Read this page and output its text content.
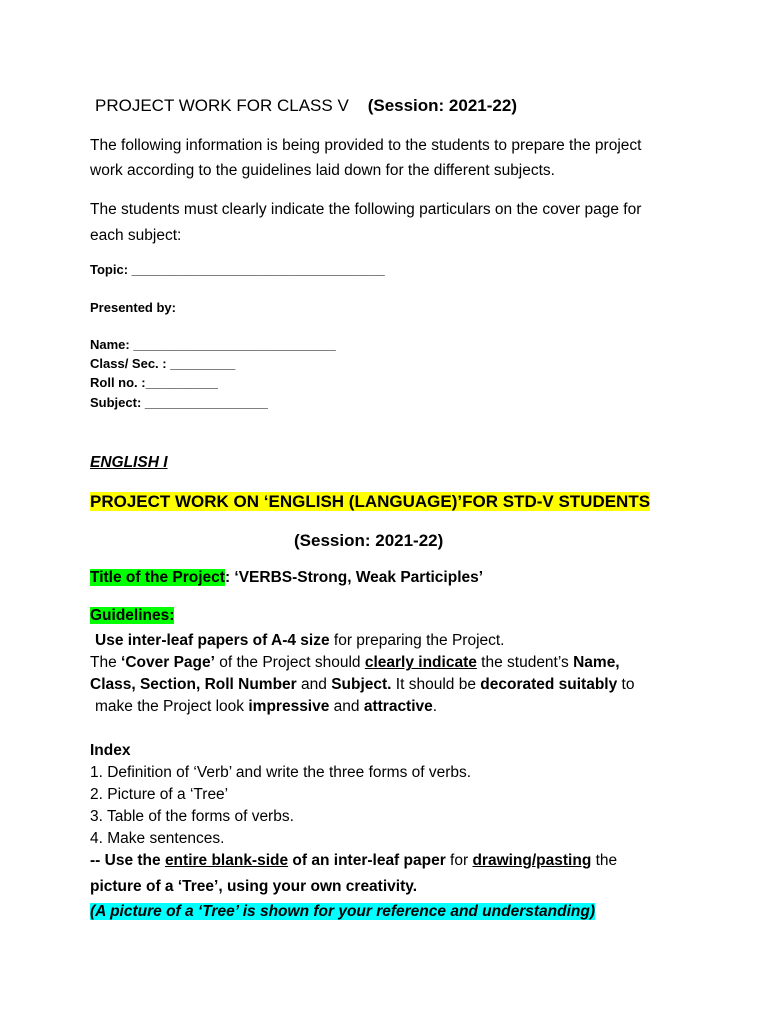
PROJECT WORK FOR CLASS V (Session: 2021-22)

The following information is being provided to the students to prepare the project

work according to the guidelines laid down for the different subjects.

The students must clearly indicate the following particulars on the cover page for

each subject:

Topic: ___________________________________

Presented by:

Name: ____________________________

Class/ Sec. : _________

Roll no. :__________

Subject: _________________

ENGLISH I

PROJECT WORK ON ‘ENGLISH (LANGUAGE)’FOR STD-V STUDENTS

(Session: 2021-22)

Title of the Project: ‘VERBS-Strong, Weak Participles’

Guidelines:

Use inter-leaf papers of A-4 size for preparing the Project.

The ‘Cover Page’ of the Project should clearly indicate the student’s Name,

Class, Section, Roll Number and Subject. It should be decorated suitably to

make the Project look impressive and attractive.

Index

1. Definition of ‘Verb’ and write the three forms of verbs.

2. Picture of a ‘Tree’

3. Table of the forms of verbs.

4. Make sentences.

-- Use the entire blank-side of an inter-leaf paper for drawing/pasting the

picture of a ‘Tree’, using your own creativity.

(A picture of a ‘Tree’ is shown for your reference and understanding)
